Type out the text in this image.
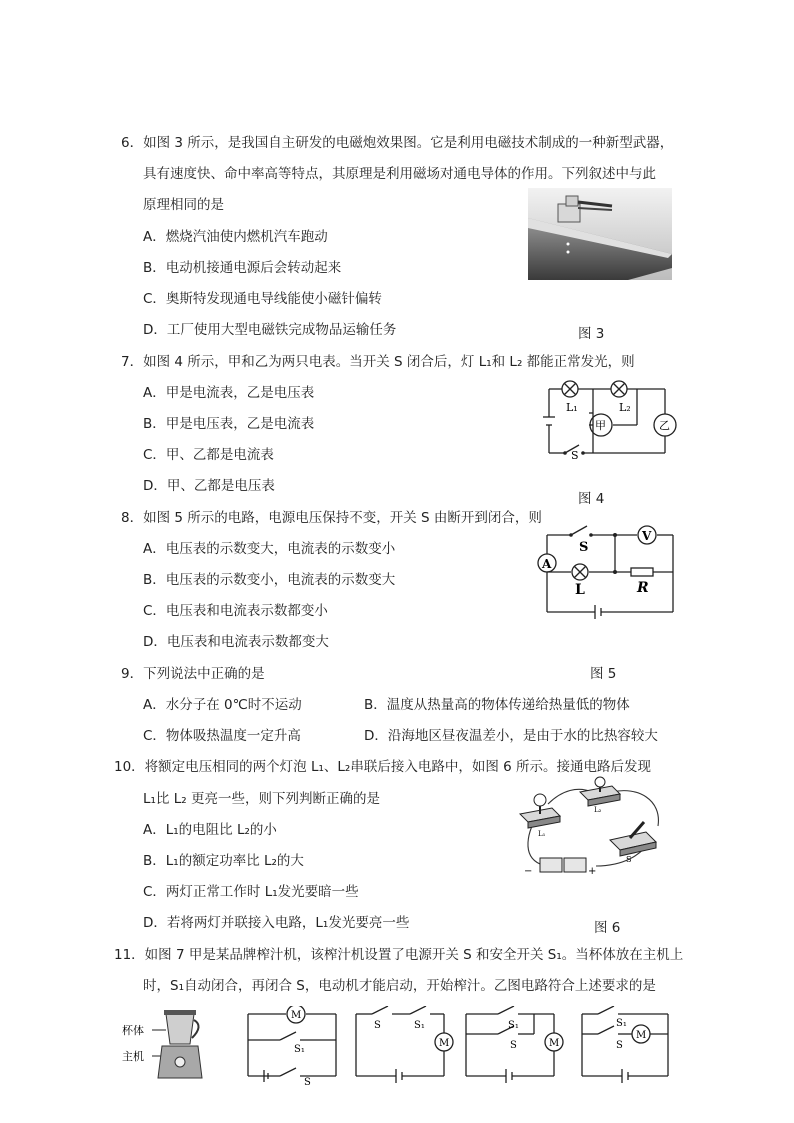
6．如图 3 所示，是我国自主研发的电磁炮效果图。它是利用电磁技术制成的一种新型武器，
具有速度快、命中率高等特点，其原理是利用磁场对通电导体的作用。下列叙述中与此
原理相同的是
A．燃烧汽油使内燃机汽车跑动
B．电动机接通电源后会转动起来
C．奥斯特发现通电导线能使小磁针偏转
D．工厂使用大型电磁铁完成物品运输任务	图 3
7．如图 4 所示，甲和乙为两只电表。当开关 S 闭合后，灯 L₁和 L₂ 都能正常发光，则
A．甲是电流表，乙是电压表
B．甲是电压表，乙是电流表
C．甲、乙都是电流表
D．甲、乙都是电压表
L₁	L₂
甲	乙
S
图 4
8．如图 5 所示的电路，电源电压保持不变，开关 S 由断开到闭合，则
A．电压表的示数变大，电流表的示数变小
B．电压表的示数变小，电流表的示数变大
C．电压表和电流表示数都变小
D．电压表和电流表示数都变大
S
V
A
L	R
图 5
9．下列说法中正确的是
A．水分子在 0℃时不运动	B．温度从热量高的物体传递给热量低的物体
C．物体吸热温度一定升高	D．沿海地区昼夜温差小，是由于水的比热容较大
10．将额定电压相同的两个灯泡 L₁、L₂串联后接入电路中，如图 6 所示。接通电路后发现
L₁比 L₂ 更亮一些，则下列判断正确的是
A．L₁的电阻比 L₂的小
B．L₁的额定功率比 L₂的大
C．两灯正常工作时 L₁发光要暗一些
D．若将两灯并联接入电路，L₁发光要亮一些
L₁
L₂
S
−	+
图 6
11．如图 7 甲是某品牌榨汁机，该榨汁机设置了电源开关 S 和安全开关 S₁。当杯体放在主机上
时，S₁自动闭合，再闭合 S，电动机才能启动，开始榨汁。乙图电路符合上述要求的是
杯体
主机
M
S₁
S
S	S₁
M
S₁
S	M
S₁
S
M
